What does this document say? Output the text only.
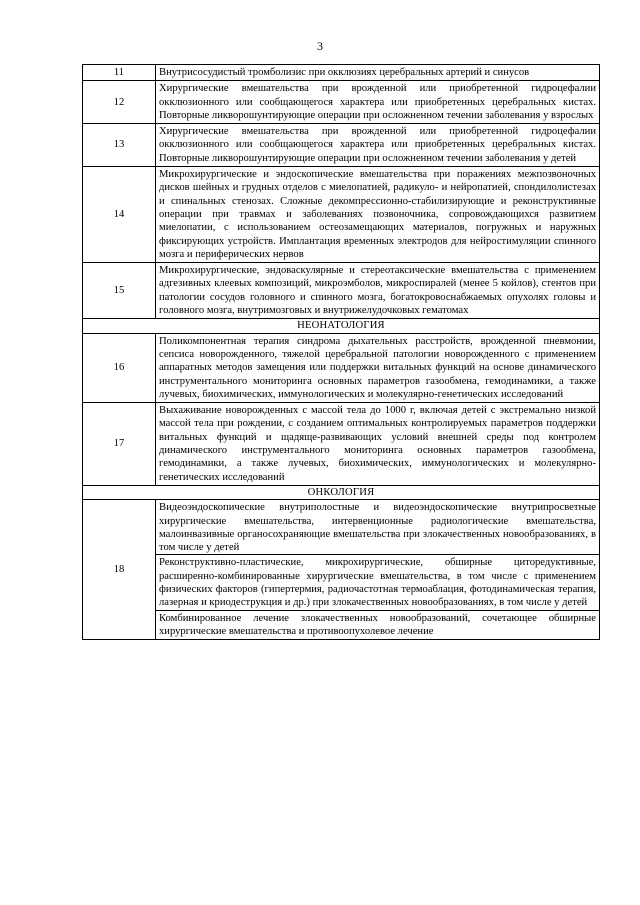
3
11	Внутрисосудистый тромболизис при окклюзиях церебральных артерий и синусов

12	Хирургические вмешательства при врожденной или приобретенной гидроцефалии окклюзионного или сообщающегося характера или приобретенных церебральных кистах. Повторные ликворошунтирующие операции при осложненном течении заболевания у взрослых

13	Хирургические вмешательства при врожденной или приобретенной гидроцефалии окклюзионного или сообщающегося характера или приобретенных церебральных кистах. Повторные ликворошунтирующие операции при осложненном течении заболевания у детей

14	Микрохирургические и эндоскопические вмешательства при поражениях межпозвоночных дисков шейных и грудных отделов с миелопатией, радикуло- и нейропатией, спондилолистезах и спинальных стенозах. Сложные декомпрессионно-стабилизирующие и реконструктивные операции при травмах и заболеваниях позвоночника, сопровождающихся развитием миелопатии, с использованием остеозамещающих материалов, погружных и наружных фиксирующих устройств. Имплантация временных электродов для нейростимуляции спинного мозга и периферических нервов

15	Микрохирургические, эндоваскулярные и стереотаксические вмешательства с применением адгезивных клеевых композиций, микроэмболов, микроспиралей (менее 5 койлов), стентов при патологии сосудов головного и спинного мозга, богатокровоснабжаемых опухолях головы и головного мозга, внутримозговых и внутрижелудочковых гематомах

НЕОНАТОЛОГИЯ	
16	Поликомпонентная терапия синдрома дыхательных расстройств, врожденной пневмонии, сепсиса новорожденного, тяжелой церебральной патологии новорожденного с применением аппаратных методов замещения или поддержки витальных функций на основе динамического инструментального мониторинга основных параметров газообмена, гемодинамики, а также лучевых, биохимических, иммунологических и молекулярно-генетических исследований

17	Выхаживание новорожденных с массой тела до 1000 г, включая детей с экстремально низкой массой тела при рождении, с созданием оптимальных контролируемых параметров поддержки витальных функций и щадяще-развивающих условий внешней среды под контролем динамического инструментального мониторинга основных параметров газообмена, гемодинамики, а также лучевых, биохимических, иммунологических и молекулярно-генетических исследований

ОНКОЛОГИЯ	
18	Видеоэндоскопические внутриполостные и видеоэндоскопические внутрипросветные хирургические вмешательства, интервенционные радиологические вмешательства, малоинвазивные органосохраняющие вмешательства при злокачественных новообразованиях, в том числе у детей
Реконструктивно-пластические, микрохирургические, обширные циторедуктивные, расширенно-комбинированные хирургические вмешательства, в том числе с применением физических факторов (гипертермия, радиочастотная термоаблация, фотодинамическая терапия, лазерная и криодеструкция и др.) при злокачественных новообразованиях, в том числе у детей
Комбинированное лечение злокачественных новообразований, сочетающее обширные хирургические вмешательства и противоопухолевое лечение
